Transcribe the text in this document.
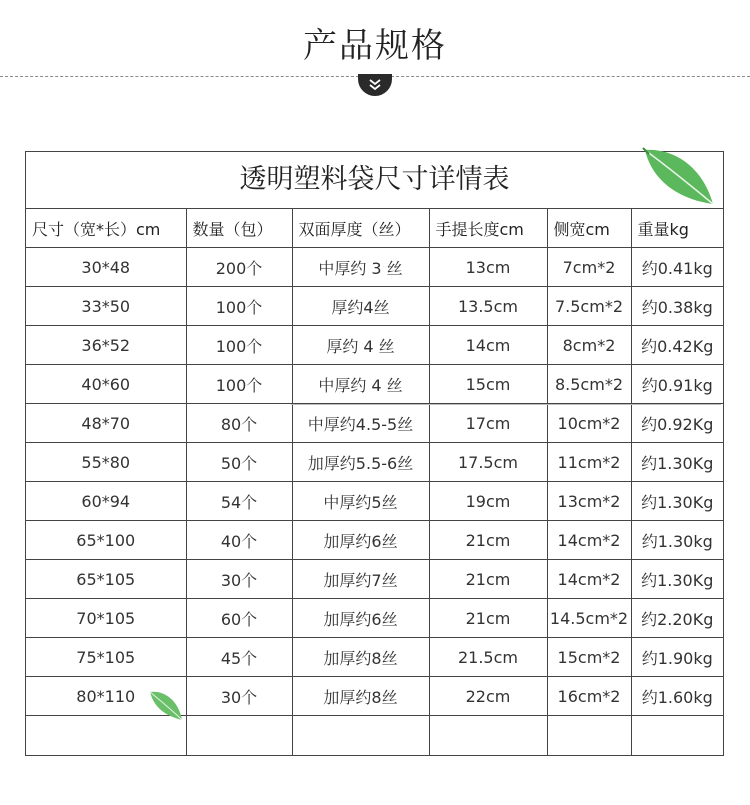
产品规格
透明塑料袋尺寸详情表
尺寸（宽*长）cm	数量（包）	双面厚度（丝）	手提长度cm	侧宽cm	重量kg
30*48	200个	中厚约 3 丝	13cm	7cm*2	约0.41kg
33*50	100个	厚约4丝	13.5cm	7.5cm*2	约0.38kg
36*52	100个	厚约 4 丝	14cm	8cm*2	约0.42Kg
40*60	100个	中厚约 4 丝	15cm	8.5cm*2	约0.91kg
48*70	80个	中厚约4.5-5丝	17cm	10cm*2	约0.92Kg
55*80	50个	加厚约5.5-6丝	17.5cm	11cm*2	约1.30Kg
60*94	54个	中厚约5丝	19cm	13cm*2	约1.30Kg
65*100	40个	加厚约6丝	21cm	14cm*2	约1.30kg
65*105	30个	加厚约7丝	21cm	14cm*2	约1.30Kg
70*105	60个	加厚约6丝	21cm	14.5cm*2	约2.20Kg
75*105	45个	加厚约8丝	21.5cm	15cm*2	约1.90kg
80*110	30个	加厚约8丝	22cm	16cm*2	约1.60kg
